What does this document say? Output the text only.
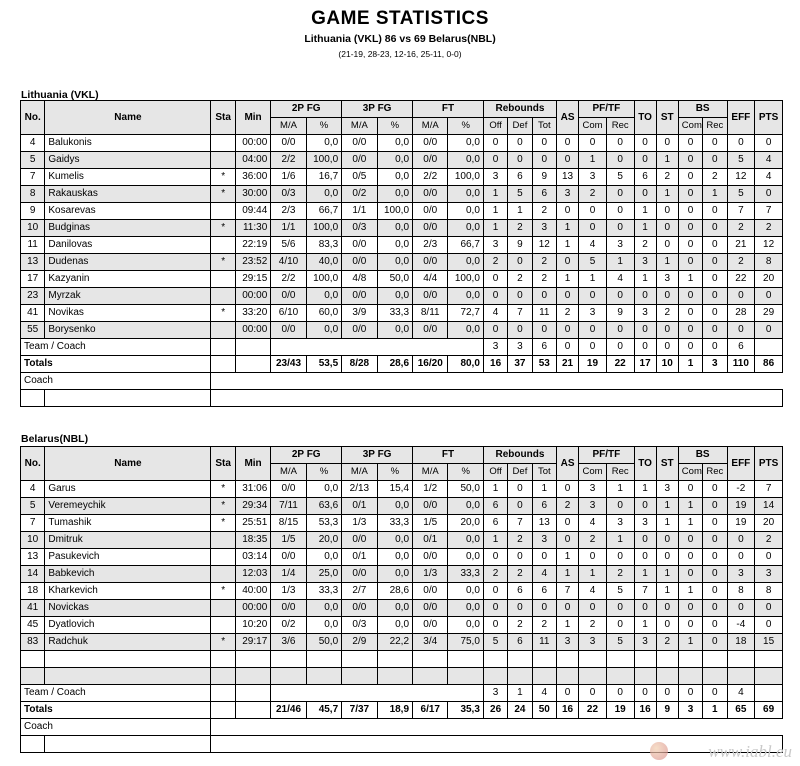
GAME STATISTICS
Lithuania (VKL) 86 vs 69 Belarus(NBL)
(21-19, 28-23, 12-16, 25-11, 0-0)
Lithuania (VKL)
No.	Name	Sta	Min	2P FG		3P FG		FT		Rebounds			AS	PF/TF		TO	ST	BS		EFF	PTS
				M/A	%	M/A	%	M/A	%	Off	Def	Tot		Com	Rec			Com	Rec		
4	Balukonis		00:00	0/0	0,0	0/0	0,0	0/0	0,0	0	0	0	0	0	0	0	0	0	0	0	0
5	Gaidys		04:00	2/2	100,0	0/0	0,0	0/0	0,0	0	0	0	0	1	0	0	1	0	0	5	4
7	Kumelis	*	36:00	1/6	16,7	0/5	0,0	2/2	100,0	3	6	9	13	3	5	6	2	0	2	12	4
8	Rakauskas	*	30:00	0/3	0,0	0/2	0,0	0/0	0,0	1	5	6	3	2	0	0	1	0	1	5	0
9	Kosarevas		09:44	2/3	66,7	1/1	100,0	0/0	0,0	1	1	2	0	0	0	1	0	0	0	7	7
10	Budginas	*	11:30	1/1	100,0	0/3	0,0	0/0	0,0	1	2	3	1	0	0	1	0	0	0	2	2
11	Danilovas		22:19	5/6	83,3	0/0	0,0	2/3	66,7	3	9	12	1	4	3	2	0	0	0	21	12
13	Dudenas	*	23:52	4/10	40,0	0/0	0,0	0/0	0,0	2	0	2	0	5	1	3	1	0	0	2	8
17	Kazyanin		29:15	2/2	100,0	4/8	50,0	4/4	100,0	0	2	2	1	1	4	1	3	1	0	22	20
23	Myrzak		00:00	0/0	0,0	0/0	0,0	0/0	0,0	0	0	0	0	0	0	0	0	0	0	0	0
41	Novikas	*	33:20	6/10	60,0	3/9	33,3	8/11	72,7	4	7	11	2	3	9	3	2	0	0	28	29
55	Borysenko		00:00	0/0	0,0	0/0	0,0	0/0	0,0	0	0	0	0	0	0	0	0	0	0	0	0
Team / Coach										3	3	6	0	0	0	0	0	0	0	6	
Totals				23/43	53,5	8/28	28,6	16/20	80,0	16	37	53	21	19	22	17	10	1	3	110	86
Coach																					

Belarus(NBL)
No.	Name	Sta	Min	2P FG		3P FG		FT		Rebounds			AS	PF/TF		TO	ST	BS		EFF	PTS
				M/A	%	M/A	%	M/A	%	Off	Def	Tot		Com	Rec			Com	Rec		
4	Garus	*	31:06	0/0	0,0	2/13	15,4	1/2	50,0	1	0	1	0	3	1	1	3	0	0	-2	7
5	Veremeychik	*	29:34	7/11	63,6	0/1	0,0	0/0	0,0	6	0	6	2	3	0	0	1	1	0	19	14
7	Tumashik	*	25:51	8/15	53,3	1/3	33,3	1/5	20,0	6	7	13	0	4	3	3	1	1	0	19	20
10	Dmitruk		18:35	1/5	20,0	0/0	0,0	0/1	0,0	1	2	3	0	2	1	0	0	0	0	0	2
13	Pasukevich		03:14	0/0	0,0	0/1	0,0	0/0	0,0	0	0	0	1	0	0	0	0	0	0	0	0
14	Babkevich		12:03	1/4	25,0	0/0	0,0	1/3	33,3	2	2	4	1	1	2	1	1	0	0	3	3
18	Kharkevich	*	40:00	1/3	33,3	2/7	28,6	0/0	0,0	0	6	6	7	4	5	7	1	1	0	8	8
41	Novickas		00:00	0/0	0,0	0/0	0,0	0/0	0,0	0	0	0	0	0	0	0	0	0	0	0	0
45	Dyatlovich		10:20	0/2	0,0	0/3	0,0	0/0	0,0	0	2	2	1	2	0	1	0	0	0	-4	0
83	Radchuk	*	29:17	3/6	50,0	2/9	22,2	3/4	75,0	5	6	11	3	3	5	3	2	1	0	18	15

Team / Coach										3	1	4	0	0	0	0	0	0	0	4	
Totals				21/46	45,7	7/37	18,9	6/17	35,3	26	24	50	16	22	19	16	9	3	1	65	69
Coach																					

www.iabl.eu
